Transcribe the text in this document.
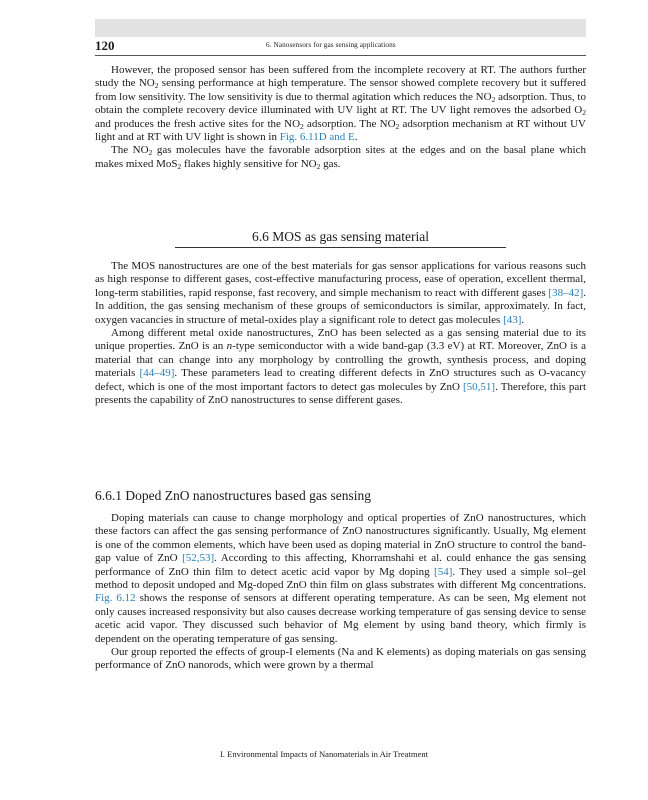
120	6. Nanosensors for gas sensing applications

However, the proposed sensor has been suffered from the incomplete recovery at RT. The authors further study the $NO_2$ sensing performance at high temperature. The sensor showed complete recovery but it suffered from low sensitivity. The low sensitivity is due to thermal agitation which reduces the $NO_2$ adsorption. Thus, to obtain the complete recovery device illuminated with UV light at RT. The UV light removes the adsorbed $O_2$ and produces the fresh active sites for the $NO_2$ adsorption. The $NO_2$ adsorption mechanism at RT without UV light and at RT with UV light is shown in Fig. 6.11D and E.

The $NO_2$ gas molecules have the favorable adsorption sites at the edges and on the basal plane which makes mixed MoS$_2$ flakes highly sensitive for $NO_2$ gas.

6.6 MOS as gas sensing material

The MOS nanostructures are one of the best materials for gas sensor applications for various reasons such as high response to different gases, cost-effective manufacturing process, ease of operation, excellent thermal, long-term stabilities, rapid response, fast recovery, and simple mechanism to react with different gases [38–42]. In addition, the gas sensing mechanism of these groups of semiconductors is similar, approximately. In fact, oxygen vacancies in structure of metal-oxides play a significant role to detect gas molecules [43].

Among different metal oxide nanostructures, ZnO has been selected as a gas sensing material due to its unique properties. ZnO is an n-type semiconductor with a wide band-gap (3.3 eV) at RT. Moreover, ZnO is a material that can change into any morphology by controlling the growth, synthesis process, and doping materials [44–49]. These parameters lead to creating different defects in ZnO structures such as O-vacancy defect, which is one of the most important factors to detect gas molecules by ZnO [50,51]. Therefore, this part presents the capability of ZnO nanostructures to sense different gases.

6.6.1 Doped ZnO nanostructures based gas sensing

Doping materials can cause to change morphology and optical properties of ZnO nanostructures, which these factors can affect the gas sensing performance of ZnO nanostructures significantly. Usually, Mg element is one of the common elements, which have been used as doping material in ZnO structure to control the band-gap value of ZnO [52,53]. According to this affecting, Khorramshahi et al. could enhance the gas sensing performance of ZnO thin film to detect acetic acid vapor by Mg doping [54]. They used a simple sol–gel method to deposit undoped and Mg-doped ZnO thin film on glass substrates with different Mg concentrations. Fig. 6.12 shows the response of sensors at different operating temperature. As can be seen, Mg element not only causes increased responsivity but also causes decrease working temperature of gas sensing device to sense acetic acid vapor. They discussed such behavior of Mg element by using band theory, which firmly is dependent on the operating temperature of gas sensing.

Our group reported the effects of group-I elements (Na and K elements) as doping materials on gas sensing performance of ZnO nanorods, which were grown by a thermal

I. Environmental Impacts of Nanomaterials in Air Treatment
